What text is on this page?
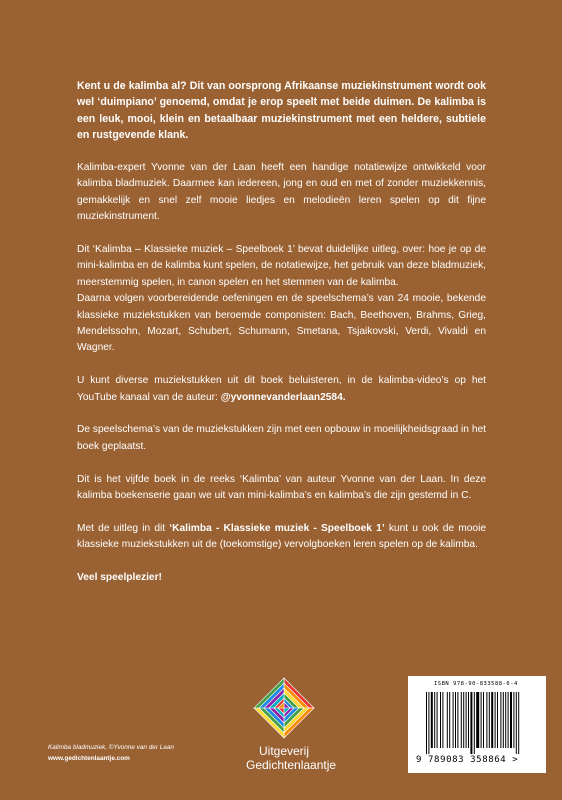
Kent u de kalimba al? Dit van oorsprong Afrikaanse muziekinstrument wordt ook wel ‘duimpiano’ genoemd, omdat je erop speelt met beide duimen. De kalimba is een leuk, mooi, klein en betaalbaar muziekinstrument met een heldere, subtiele en rustgevende klank.

Kalimba-expert Yvonne van der Laan heeft een handige notatiewijze ontwikkeld voor kalimba bladmuziek. Daarmee kan iedereen, jong en oud en met of zonder muziekkennis, gemakkelijk en snel zelf mooie liedjes en melodieën leren spelen op dit fijne muziekinstrument.

Dit ‘Kalimba – Klassieke muziek – Speelboek 1’ bevat duidelijke uitleg, over: hoe je op de mini-kalimba en de kalimba kunt spelen, de notatiewijze, het gebruik van deze bladmuziek, meerstemmig spelen, in canon spelen en het stemmen van de kalimba.
Daarna volgen voorbereidende oefeningen en de speelschema’s van 24 mooie, bekende klassieke muziekstukken van beroemde componisten: Bach, Beethoven, Brahms, Grieg, Mendelssohn, Mozart, Schubert, Schumann, Smetana, Tsjaikovski, Verdi, Vivaldi en Wagner.

U kunt diverse muziekstukken uit dit boek beluisteren, in de kalimba-video’s op het YouTube kanaal van de auteur: @yvonnevanderlaan2584.

De speelschema’s van de muziekstukken zijn met een opbouw in moeilijkheidsgraad in het boek geplaatst.

Dit is het vijfde boek in de reeks ‘Kalimba’ van auteur Yvonne van der Laan. In deze kalimba boekenserie gaan we uit van mini-kalimba’s en kalimba’s die zijn gestemd in C.

Met de uitleg in dit ‘Kalimba - Klassieke muziek - Speelboek 1’ kunt u ook de mooie klassieke muziekstukken uit de (toekomstige) vervolgboeken leren spelen op de kalimba.

Veel speelplezier!

Kalimba bladmuziek, ©Yvonne van der Laan
www.gedichtenlaantje.com
Uitgeverij
Gedichtenlaantje
ISBN 978-90-833588-6-4
9 789083 358864 >
